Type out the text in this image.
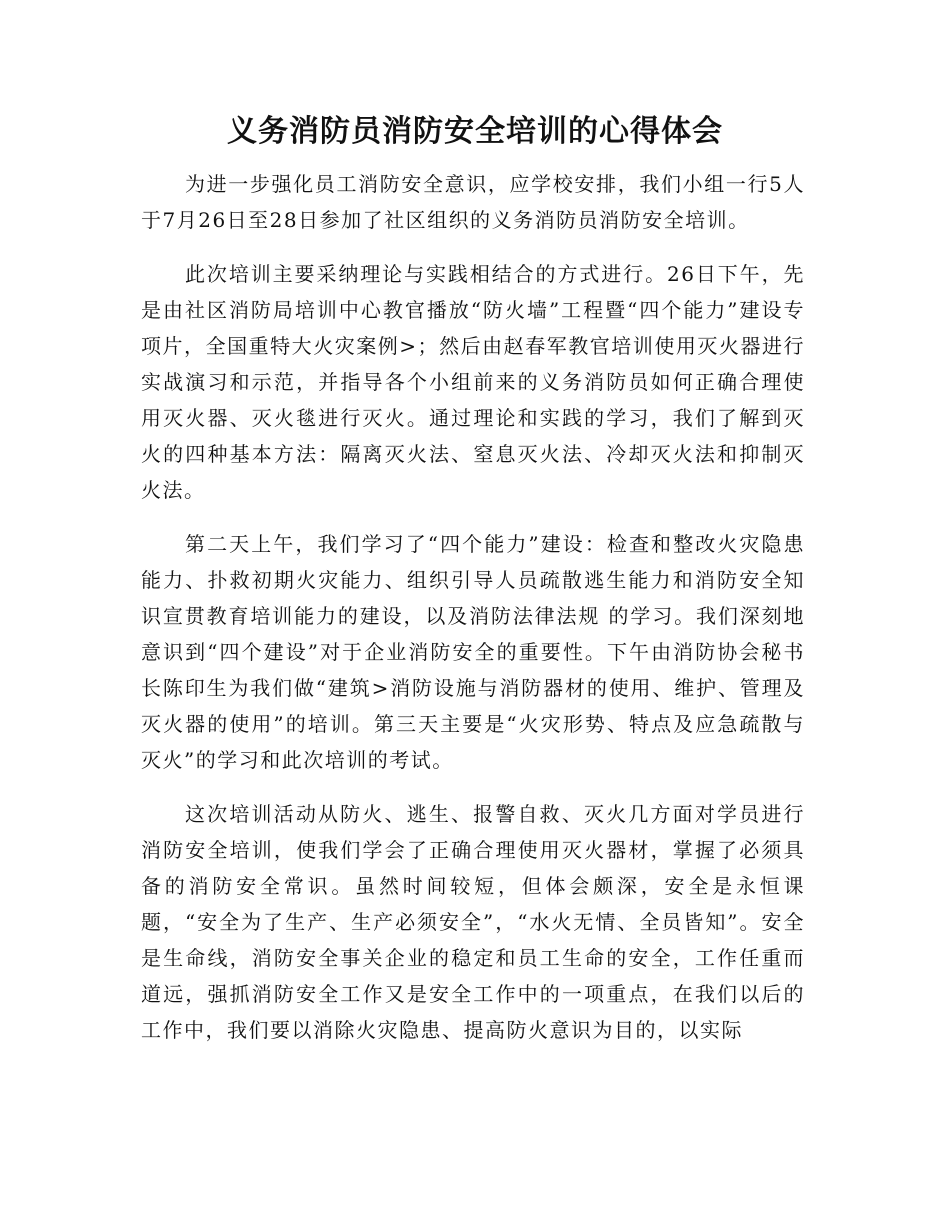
义务消防员消防安全培训的心得体会

为进一步强化员工消防安全意识，应学校安排，我们小组一行5人于7月26日至28日参加了社区组织的义务消防员消防安全培训。

此次培训主要采纳理论与实践相结合的方式进行。26日下午，先是由社区消防局培训中心教官播放“防火墙”工程暨“四个能力”建设专项片，全国重特大火灾案例>；然后由赵春军教官培训使用灭火器进行实战演习和示范，并指导各个小组前来的义务消防员如何正确合理使用灭火器、灭火毯进行灭火。通过理论和实践的学习，我们了解到灭火的四种基本方法：隔离灭火法、窒息灭火法、冷却灭火法和抑制灭火法。

第二天上午，我们学习了“四个能力”建设：检查和整改火灾隐患能力、扑救初期火灾能力、组织引导人员疏散逃生能力和消防安全知识宣贯教育培训能力的建设，以及消防法律法规 的学习。我们深刻地意识到“四个建设”对于企业消防安全的重要性。下午由消防协会秘书长陈印生为我们做“建筑>消防设施与消防器材的使用、维护、管理及灭火器的使用”的培训。第三天主要是“火灾形势、特点及应急疏散与灭火”的学习和此次培训的考试。

这次培训活动从防火、逃生、报警自救、灭火几方面对学员进行消防安全培训，使我们学会了正确合理使用灭火器材，掌握了必须具备的消防安全常识。虽然时间较短，但体会颇深，安全是永恒课题，“安全为了生产、生产必须安全”，“水火无情、全员皆知”。安全是生命线，消防安全事关企业的稳定和员工生命的安全，工作任重而道远，强抓消防安全工作又是安全工作中的一项重点，在我们以后的工作中，我们要以消除火灾隐患、提高防火意识为目的，以实际
